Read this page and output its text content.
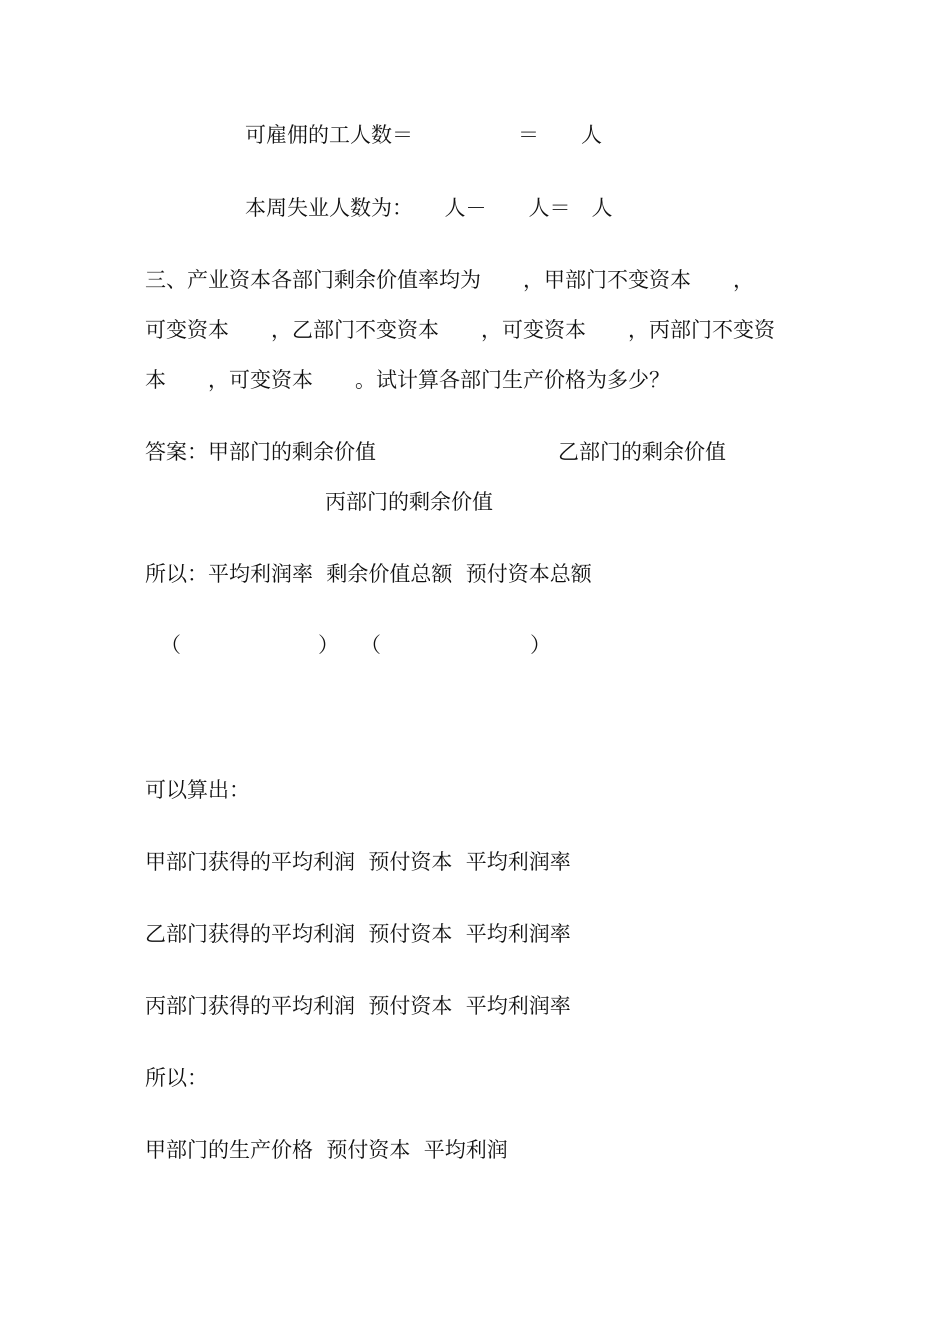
可雇佣的工人数＝　　　　　＝　　人
本周失业人数为：　　人－　　人＝　人
三、产业资本各部门剩余价值率均为　　，甲部门不变资本　　，
可变资本　　，乙部门不变资本　　，可变资本　　，丙部门不变资
本　　，可变资本　　。试计算各部门生产价格为多少？
答案：甲部门的剩余价值	乙部门的剩余价值
丙部门的剩余价值
所以：平均利润率  剩余价值总额  预付资本总额
（	） （	）
可以算出：
甲部门获得的平均利润  预付资本  平均利润率
乙部门获得的平均利润  预付资本  平均利润率
丙部门获得的平均利润  预付资本  平均利润率
所以：
甲部门的生产价格  预付资本  平均利润
